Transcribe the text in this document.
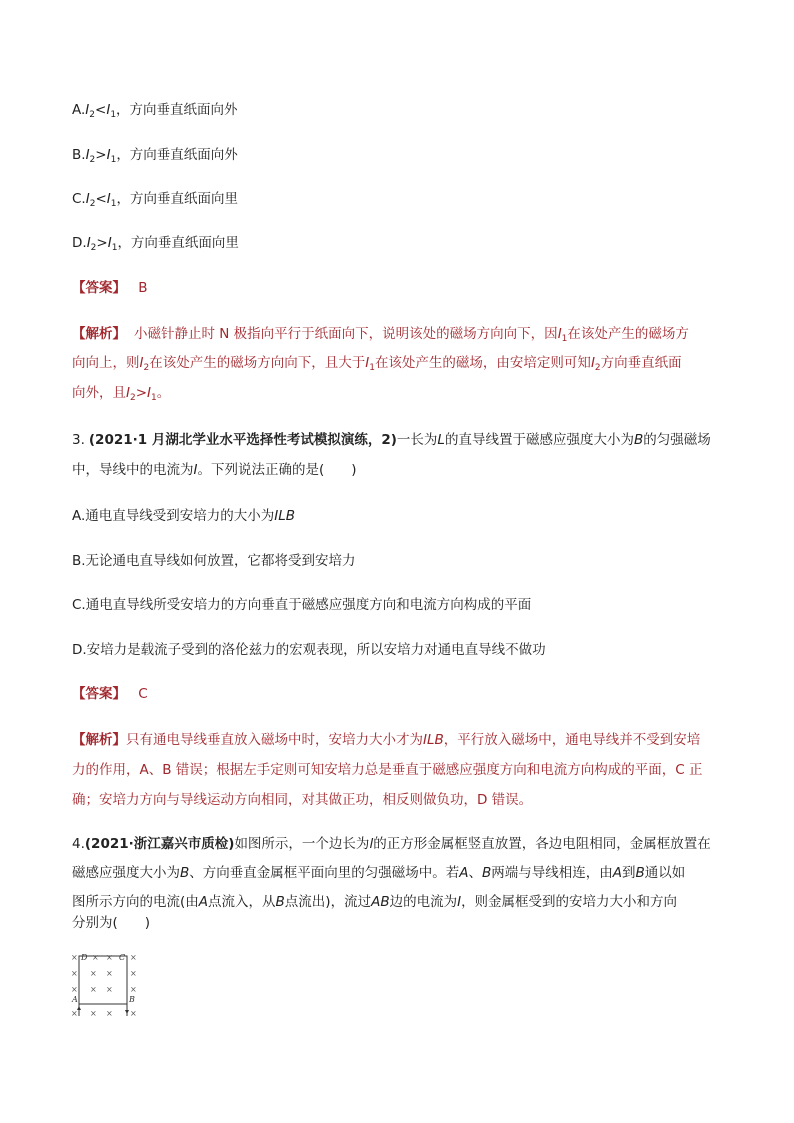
$A.I_2<I_1$，方向垂直纸面向外
$B.I_2>I_1$，方向垂直纸面向外
$C.I_2<I_1$，方向垂直纸面向里
$D.I_2>I_1$，方向垂直纸面向里
【答案】 B
【解析】 小磁针静止时 N 极指向平行于纸面向下，说明该处的磁场方向向下，因$I_1$在该处产生的磁场方
向向上，则$I_2$在该处产生的磁场方向向下，且大于$I_1$在该处产生的磁场，由安培定则可知$I_2$方向垂直纸面
向外，且$I_2>I_1$。
3. (2021·1 月湖北学业水平选择性考试模拟演练，2)一长为L的直导线置于磁感应强度大小为B的匀强磁场
中，导线中的电流为I。下列说法正确的是(　　)
A.通电直导线受到安培力的大小为ILB
B.无论通电直导线如何放置，它都将受到安培力
C.通电直导线所受安培力的方向垂直于磁感应强度方向和电流方向构成的平面
D.安培力是载流子受到的洛伦兹力的宏观表现，所以安培力对通电直导线不做功
【答案】 C
【解析】只有通电导线垂直放入磁场中时，安培力大小才为ILB，平行放入磁场中，通电导线并不受到安培
力的作用，A、B 错误；根据左手定则可知安培力总是垂直于磁感应强度方向和电流方向构成的平面，C 正
确；安培力方向与导线运动方向相同，对其做正功，相反则做负功，D 错误。
4.(2021·浙江嘉兴市质检)如图所示，一个边长为l的正方形金属框竖直放置，各边电阻相同，金属框放置在
磁感应强度大小为B、方向垂直金属框平面向里的匀强磁场中。若A、B两端与导线相连，由A到B通以如
图所示方向的电流(由A点流入，从B点流出)，流过AB边的电流为I，则金属框受到的安培力大小和方向
分别为(　　)
D	C
A	B
× × × ×
× × × ×
× × × ×
× × × ×
